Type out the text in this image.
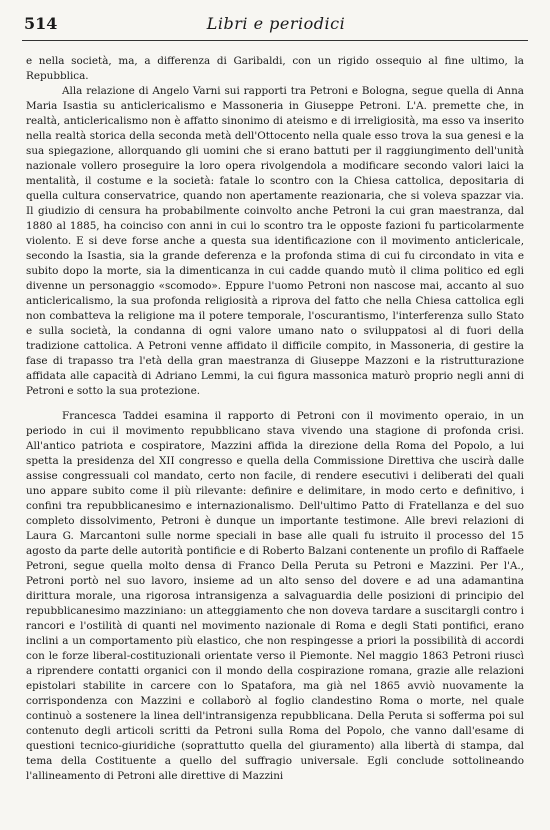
514	Libri e periodici

e nella società, ma, a differenza di Garibaldi, con un rigido ossequio al fine ultimo, la Repubblica.

Alla relazione di Angelo Varni sui rapporti tra Petroni e Bologna, segue quella di Anna Maria Isastia su anticlericalismo e Massoneria in Giuseppe Petroni. L'A. premette che, in realtà, anticlericalismo non è affatto sinonimo di ateismo e di irreligiosità, ma esso va inserito nella realtà storica della seconda metà dell'Ottocento nella quale esso trova la sua genesi e la sua spiegazione, allorquando gli uomini che si erano battuti per il raggiungimento dell'unità nazionale vollero proseguire la loro opera rivolgendola a modificare secondo valori laici la mentalità, il costume e la società: fatale lo scontro con la Chiesa cattolica, depositaria di quella cultura conservatrice, quando non apertamente reazionaria, che si voleva spazzar via. Il giudizio di censura ha probabilmente coinvolto anche Petroni la cui gran maestranza, dal 1880 al 1885, ha coinciso con anni in cui lo scontro tra le opposte fazioni fu particolarmente violento. E si deve forse anche a questa sua identificazione con il movimento anticlericale, secondo la Isastia, sia la grande deferenza e la profonda stima di cui fu circondato in vita e subito dopo la morte, sia la dimenticanza in cui cadde quando mutò il clima politico ed egli divenne un personaggio «scomodo». Eppure l'uomo Petroni non nascose mai, accanto al suo anticlericalismo, la sua profonda religiosità a riprova del fatto che nella Chiesa cattolica egli non combatteva la religione ma il potere temporale, l'oscurantismo, l'interferenza sullo Stato e sulla società, la condanna di ogni valore umano nato o sviluppatosi al di fuori della tradizione cattolica. A Petroni venne affidato il difficile compito, in Massoneria, di gestire la fase di trapasso tra l'età della gran maestranza di Giuseppe Mazzoni e la ristrutturazione affidata alle capacità di Adriano Lemmi, la cui figura massonica maturò proprio negli anni di Petroni e sotto la sua protezione.

Francesca Taddei esamina il rapporto di Petroni con il movimento operaio, in un periodo in cui il movimento repubblicano stava vivendo una stagione di profonda crisi. All'antico patriota e cospiratore, Mazzini affida la direzione della Roma del Popolo, a lui spetta la presidenza del XII congresso e quella della Commissione Direttiva che uscirà dalle assise congressuali col mandato, certo non facile, di rendere esecutivi i deliberati del quali uno appare subito come il più rilevante: definire e delimitare, in modo certo e definitivo, i confini tra repubblicanesimo e internazionalismo. Dell'ultimo Patto di Fratellanza e del suo completo dissolvimento, Petroni è dunque un importante testimone. Alle brevi relazioni di Laura G. Marcantoni sulle norme speciali in base alle quali fu istruito il processo del 15 agosto da parte delle autorità pontificie e di Roberto Balzani contenente un profilo di Raffaele Petroni, segue quella molto densa di Franco Della Peruta su Petroni e Mazzini. Per l'A., Petroni portò nel suo lavoro, insieme ad un alto senso del dovere e ad una adamantina dirittura morale, una rigorosa intransigenza a salvaguardia delle posizioni di principio del repubblicanesimo mazziniano: un atteggiamento che non doveva tardare a suscitargli contro i rancori e l'ostilità di quanti nel movimento nazionale di Roma e degli Stati pontifici, erano inclini a un comportamento più elastico, che non respingesse a priori la possibilità di accordi con le forze liberal-costituzionali orientate verso il Piemonte. Nel maggio 1863 Petroni riuscì a riprendere contatti organici con il mondo della cospirazione romana, grazie alle relazioni epistolari stabilite in carcere con lo Spatafora, ma già nel 1865 avviò nuovamente la corrispondenza con Mazzini e collaborò al foglio clandestino Roma o morte, nel quale continuò a sostenere la linea dell'intransigenza repubblicana. Della Peruta si sofferma poi sul contenuto degli articoli scritti da Petroni sulla Roma del Popolo, che vanno dall'esame di questioni tecnico-giuridiche (soprattutto quella del giuramento) alla libertà di stampa, dal tema della Costituente a quello del suffragio universale. Egli conclude sottolineando l'allineamento di Petroni alle direttive di Mazzini
